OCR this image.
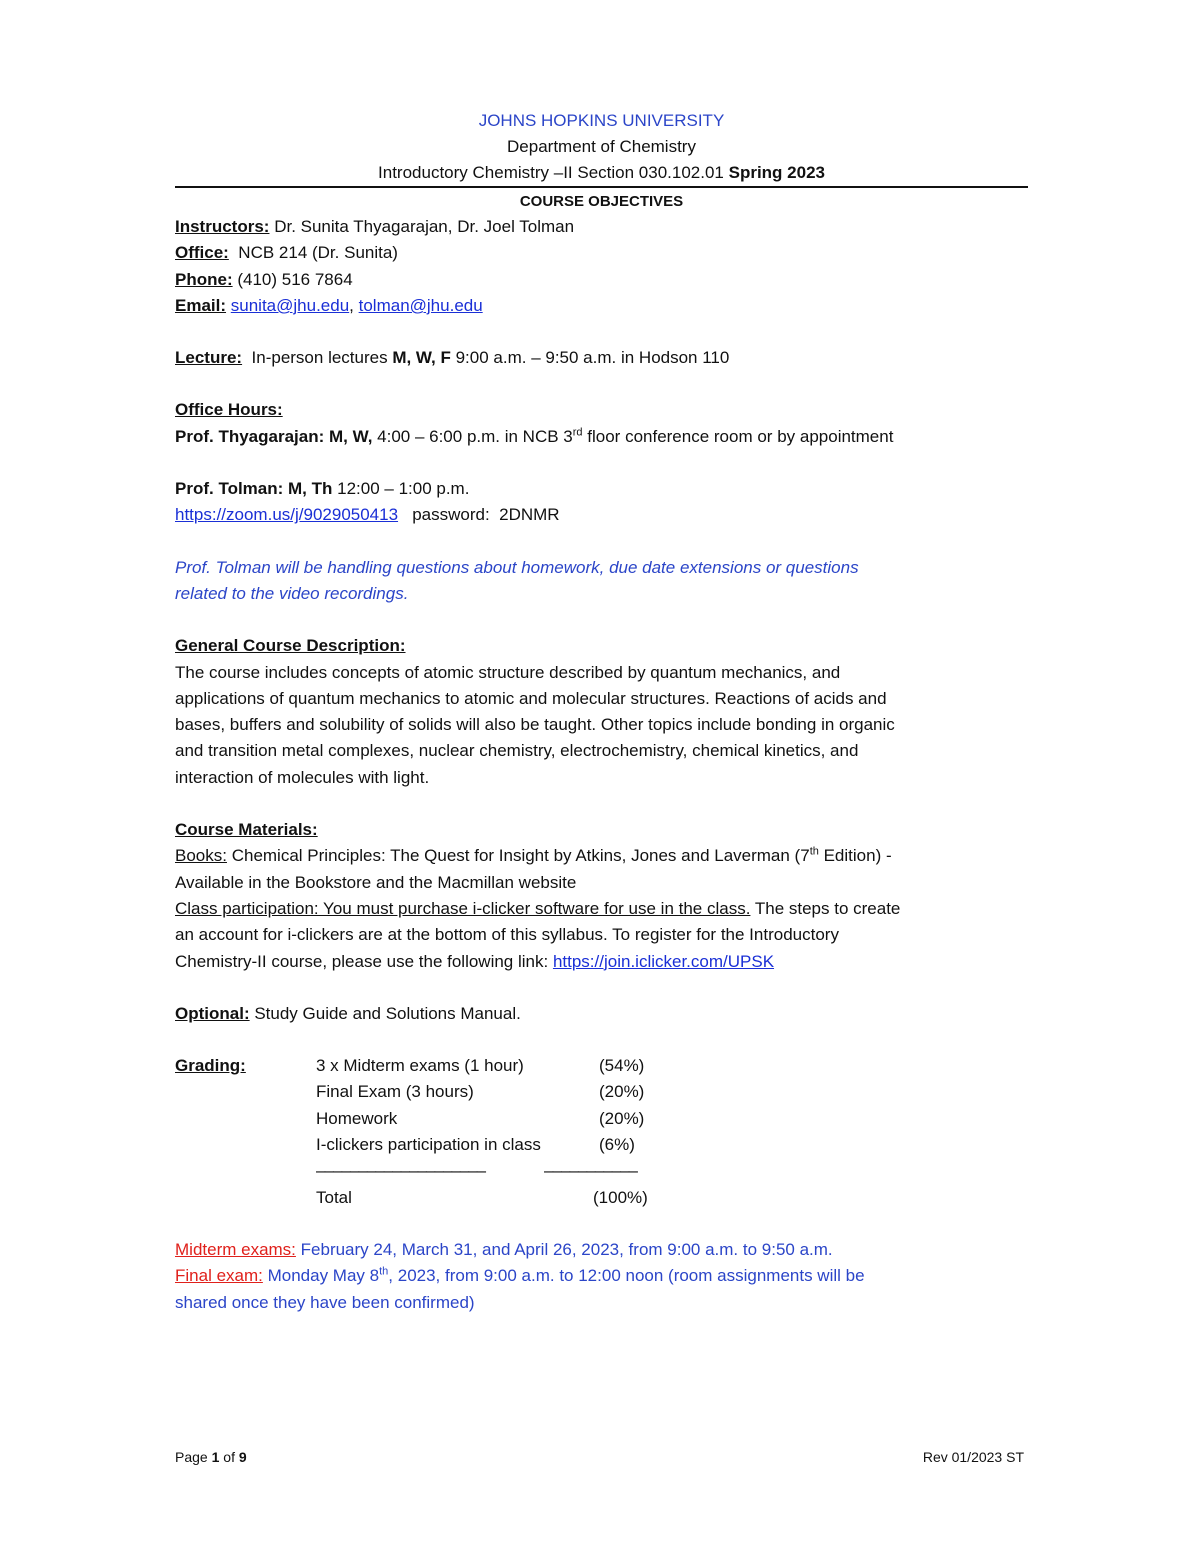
JOHNS HOPKINS UNIVERSITY
Department of Chemistry
Introductory Chemistry –II Section 030.102.01 Spring 2023
COURSE OBJECTIVES
Instructors: Dr. Sunita Thyagarajan, Dr. Joel Tolman
Office:  NCB 214 (Dr. Sunita)
Phone: (410) 516 7864
Email: sunita@jhu.edu, tolman@jhu.edu
Lecture:  In-person lectures M, W, F 9:00 a.m. – 9:50 a.m. in Hodson 110
Office Hours:
Prof. Thyagarajan: M, W, 4:00 – 6:00 p.m. in NCB 3rd floor conference room or by appointment
Prof. Tolman: M, Th 12:00 – 1:00 p.m.
https://zoom.us/j/9029050413   password:  2DNMR
Prof. Tolman will be handling questions about homework, due date extensions or questions
related to the video recordings.
General Course Description:
The course includes concepts of atomic structure described by quantum mechanics, and
applications of quantum mechanics to atomic and molecular structures. Reactions of acids and
bases, buffers and solubility of solids will also be taught. Other topics include bonding in organic
and transition metal complexes, nuclear chemistry, electrochemistry, chemical kinetics, and
interaction of molecules with light.
Course Materials:
Books: Chemical Principles: The Quest for Insight by Atkins, Jones and Laverman (7th Edition) -
Available in the Bookstore and the Macmillan website
Class participation: You must purchase i-clicker software for use in the class. The steps to create
an account for i-clickers are at the bottom of this syllabus. To register for the Introductory
Chemistry-II course, please use the following link: https://join.iclicker.com/UPSK
Optional: Study Guide and Solutions Manual.
Grading:	3 x Midterm exams (1 hour)	(54%)
Final Exam (3 hours)	(20%)
Homework	(20%)
I-clickers participation in class	(6%)
––––––––––––––––––––	–––––––––––
Total	(100%)
Midterm exams: February 24, March 31, and April 26, 2023, from 9:00 a.m. to 9:50 a.m.
Final exam: Monday May 8th, 2023, from 9:00 a.m. to 12:00 noon (room assignments will be
shared once they have been confirmed)
Page 1 of 9	Rev 01/2023 ST
